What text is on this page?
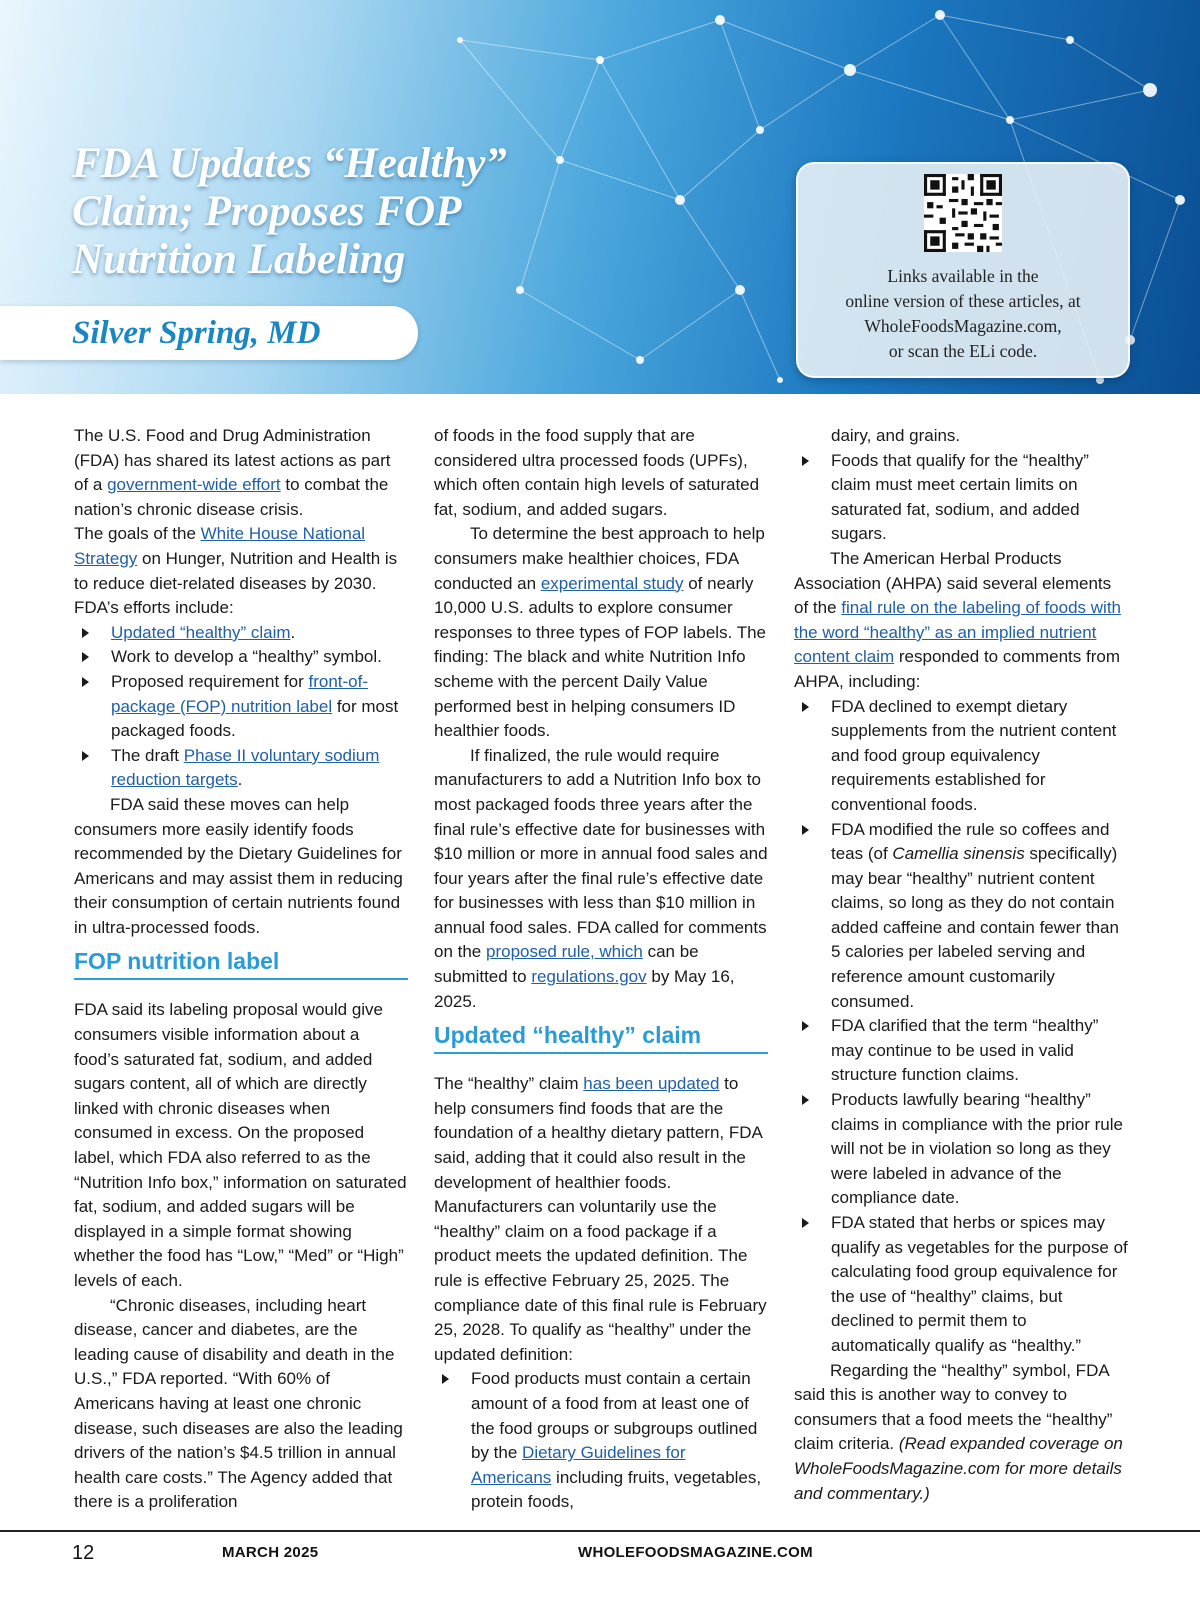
FDA Updates “Healthy”
Claim; Proposes FOP
Nutrition Labeling

Silver Spring, MD

Links available in the
online version of these articles, at
WholeFoodsMagazine.com,
or scan the ELi code.

The U.S. Food and Drug Administration (FDA) has shared its latest actions as part of a government-wide effort to combat the nation’s chronic disease crisis.

The goals of the White House National Strategy on Hunger, Nutrition and Health is to reduce diet-related diseases by 2030. FDA’s efforts include:

Updated “healthy” claim.
Work to develop a “healthy” symbol.
Proposed requirement for front-of-package (FOP) nutrition label for most packaged foods.
The draft Phase II voluntary sodium reduction targets.

FDA said these moves can help consumers more easily identify foods recommended by the Dietary Guidelines for Americans and may assist them in reducing their consumption of certain nutrients found in ultra-processed foods.

FOP nutrition label

FDA said its labeling proposal would give consumers visible information about a food’s saturated fat, sodium, and added sugars content, all of which are directly linked with chronic diseases when consumed in excess. On the proposed label, which FDA also referred to as the “Nutrition Info box,” information on saturated fat, sodium, and added sugars will be displayed in a simple format showing whether the food has “Low,” “Med” or “High” levels of each.

“Chronic diseases, including heart disease, cancer and diabetes, are the leading cause of disability and death in the U.S.,” FDA reported. “With 60% of Americans having at least one chronic disease, such diseases are also the leading drivers of the nation’s $4.5 trillion in annual health care costs.” The Agency added that there is a proliferation

of foods in the food supply that are considered ultra processed foods (UPFs), which often contain high levels of saturated fat, sodium, and added sugars.

To determine the best approach to help consumers make healthier choices, FDA conducted an experimental study of nearly 10,000 U.S. adults to explore consumer responses to three types of FOP labels. The finding: The black and white Nutrition Info scheme with the percent Daily Value performed best in helping consumers ID healthier foods.

If finalized, the rule would require manufacturers to add a Nutrition Info box to most packaged foods three years after the final rule’s effective date for businesses with $10 million or more in annual food sales and four years after the final rule’s effective date for businesses with less than $10 million in annual food sales. FDA called for comments on the proposed rule, which can be submitted to regulations.gov by May 16, 2025.

Updated “healthy” claim

The “healthy” claim has been updated to help consumers find foods that are the foundation of a healthy dietary pattern, FDA said, adding that it could also result in the development of healthier foods. Manufacturers can voluntarily use the “healthy” claim on a food package if a product meets the updated definition. The rule is effective February 25, 2025. The compliance date of this final rule is February 25, 2028. To qualify as “healthy” under the updated definition:

Food products must contain a certain amount of a food from at least one of the food groups or subgroups outlined by the Dietary Guidelines for Americans including fruits, vegetables, protein foods,
dairy, and grains.
Foods that qualify for the “healthy” claim must meet certain limits on saturated fat, sodium, and added sugars.

The American Herbal Products Association (AHPA) said several elements of the final rule on the labeling of foods with the word “healthy” as an implied nutrient content claim responded to comments from AHPA, including:

FDA declined to exempt dietary supplements from the nutrient content and food group equivalency requirements established for conventional foods.
FDA modified the rule so coffees and teas (of Camellia sinensis specifically) may bear “healthy” nutrient content claims, so long as they do not contain added caffeine and contain fewer than 5 calories per labeled serving and reference amount customarily consumed.
FDA clarified that the term “healthy” may continue to be used in valid structure function claims.
Products lawfully bearing “healthy” claims in compliance with the prior rule will not be in violation so long as they were labeled in advance of the compliance date.
FDA stated that herbs or spices may qualify as vegetables for the purpose of calculating food group equivalence for the use of “healthy” claims, but declined to permit them to automatically qualify as “healthy.”

Regarding the “healthy” symbol, FDA said this is another way to convey to consumers that a food meets the “healthy” claim criteria. (Read expanded coverage on WholeFoodsMagazine.com for more details and commentary.)

12	MARCH 2025	WHOLEFOODSMAGAZINE.COM
